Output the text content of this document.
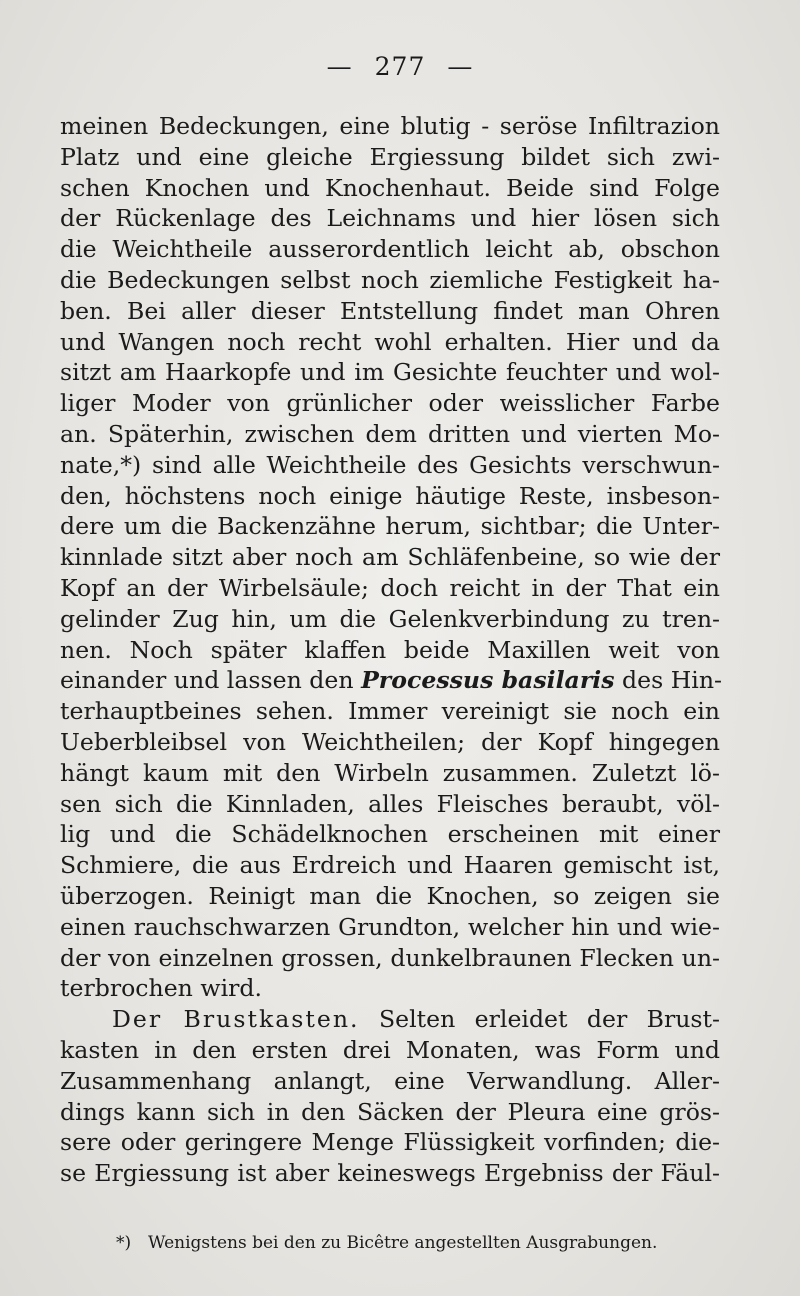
— 277 —
meinen Bedeckungen, eine blutig - seröse Infiltrazion
Platz und eine gleiche Ergiessung bildet sich zwi-
schen Knochen und Knochenhaut. Beide sind Folge
der Rückenlage des Leichnams und hier lösen sich
die Weichtheile ausserordentlich leicht ab, obschon
die Bedeckungen selbst noch ziemliche Festigkeit ha-
ben. Bei aller dieser Entstellung findet man Ohren
und Wangen noch recht wohl erhalten. Hier und da
sitzt am Haarkopfe und im Gesichte feuchter und wol-
liger Moder von grünlicher oder weisslicher Farbe
an. Späterhin, zwischen dem dritten und vierten Mo-
nate,*) sind alle Weichtheile des Gesichts verschwun-
den, höchstens noch einige häutige Reste, insbeson-
dere um die Backenzähne herum, sichtbar; die Unter-
kinnlade sitzt aber noch am Schläfenbeine, so wie der
Kopf an der Wirbelsäule; doch reicht in der That ein
gelinder Zug hin, um die Gelenkverbindung zu tren-
nen. Noch später klaffen beide Maxillen weit von
einander und lassen den Processus basilaris des Hin-
terhauptbeines sehen. Immer vereinigt sie noch ein
Ueberbleibsel von Weichtheilen; der Kopf hingegen
hängt kaum mit den Wirbeln zusammen. Zuletzt lö-
sen sich die Kinnladen, alles Fleisches beraubt, völ-
lig und die Schädelknochen erscheinen mit einer
Schmiere, die aus Erdreich und Haaren gemischt ist,
überzogen. Reinigt man die Knochen, so zeigen sie
einen rauchschwarzen Grundton, welcher hin und wie-
der von einzelnen grossen, dunkelbraunen Flecken un-
terbrochen wird.
Der Brustkasten. Selten erleidet der Brust-
kasten in den ersten drei Monaten, was Form und
Zusammenhang anlangt, eine Verwandlung. Aller-
dings kann sich in den Säcken der Pleura eine grös-
sere oder geringere Menge Flüssigkeit vorfinden; die-
se Ergiessung ist aber keineswegs Ergebniss der Fäul-
*) Wenigstens bei den zu Bicêtre angestellten Ausgrabungen.
